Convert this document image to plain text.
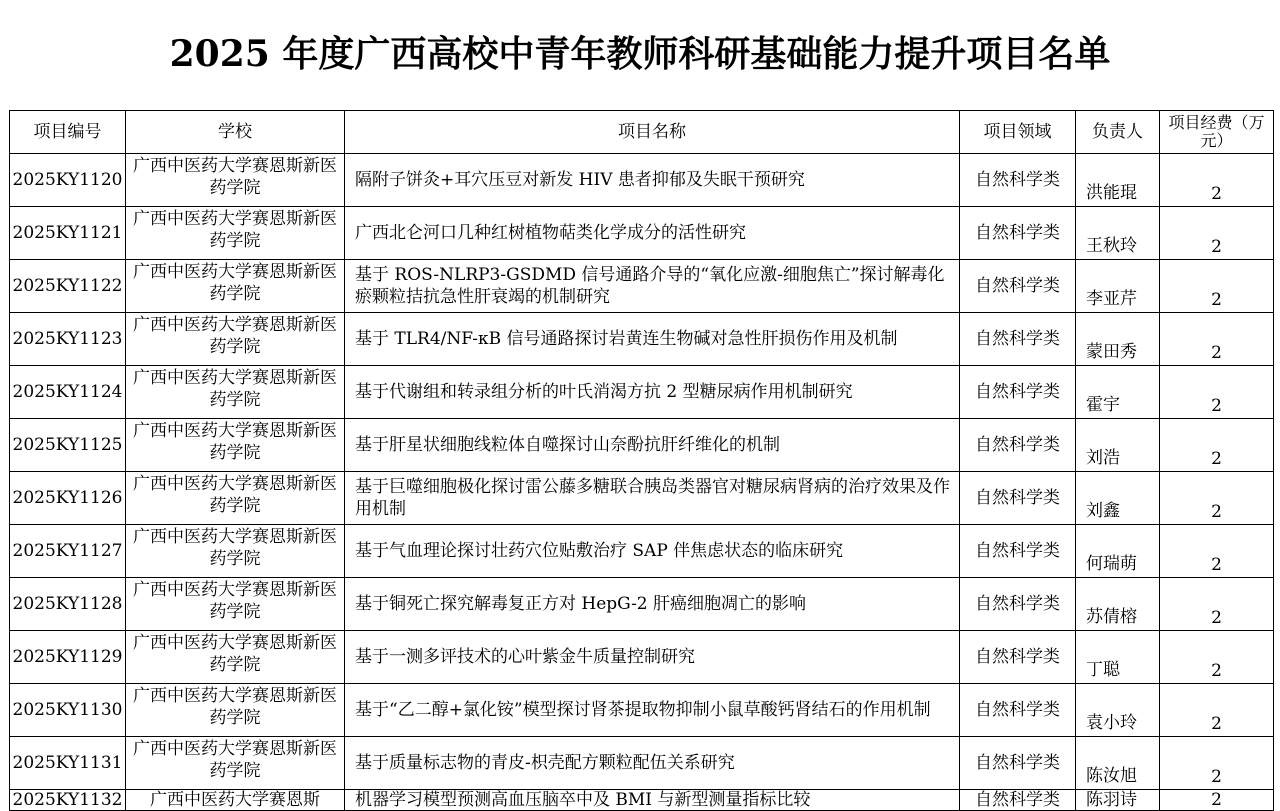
2025 年度广西高校中青年教师科研基础能力提升项目名单
项目编号	学校	项目名称	项目领域	负责人	项目经费（万元）
2025KY1120	广西中医药大学赛恩斯新医药学院	隔附子饼灸+耳穴压豆对新发 HIV 患者抑郁及失眠干预研究	自然科学类	洪能琨	2
2025KY1121	广西中医药大学赛恩斯新医药学院	广西北仑河口几种红树植物萜类化学成分的活性研究	自然科学类	王秋玲	2
2025KY1122	广西中医药大学赛恩斯新医药学院	基于 ROS-NLRP3-GSDMD 信号通路介导的“氧化应激-细胞焦亡”探讨解毒化瘀颗粒拮抗急性肝衰竭的机制研究	自然科学类	李亚芹	2
2025KY1123	广西中医药大学赛恩斯新医药学院	基于 TLR4/NF-κB 信号通路探讨岩黄连生物碱对急性肝损伤作用及机制	自然科学类	蒙田秀	2
2025KY1124	广西中医药大学赛恩斯新医药学院	基于代谢组和转录组分析的叶氏消渴方抗 2 型糖尿病作用机制研究	自然科学类	霍宇	2
2025KY1125	广西中医药大学赛恩斯新医药学院	基于肝星状细胞线粒体自噬探讨山奈酚抗肝纤维化的机制	自然科学类	刘浩	2
2025KY1126	广西中医药大学赛恩斯新医药学院	基于巨噬细胞极化探讨雷公藤多糖联合胰岛类器官对糖尿病肾病的治疗效果及作用机制	自然科学类	刘鑫	2
2025KY1127	广西中医药大学赛恩斯新医药学院	基于气血理论探讨壮药穴位贴敷治疗 SAP 伴焦虑状态的临床研究	自然科学类	何瑞萌	2
2025KY1128	广西中医药大学赛恩斯新医药学院	基于铜死亡探究解毒复正方对 HepG-2 肝癌细胞凋亡的影响	自然科学类	苏倩榕	2
2025KY1129	广西中医药大学赛恩斯新医药学院	基于一测多评技术的心叶紫金牛质量控制研究	自然科学类	丁聪	2
2025KY1130	广西中医药大学赛恩斯新医药学院	基于“乙二醇+氯化铵”模型探讨肾茶提取物抑制小鼠草酸钙肾结石的作用机制	自然科学类	袁小玲	2
2025KY1131	广西中医药大学赛恩斯新医药学院	基于质量标志物的青皮-枳壳配方颗粒配伍关系研究	自然科学类	陈汝旭	2
2025KY1132	广西中医药大学赛恩斯	机器学习模型预测高血压脑卒中及 BMI 与新型测量指标比较	自然科学类	陈羽诗	2
